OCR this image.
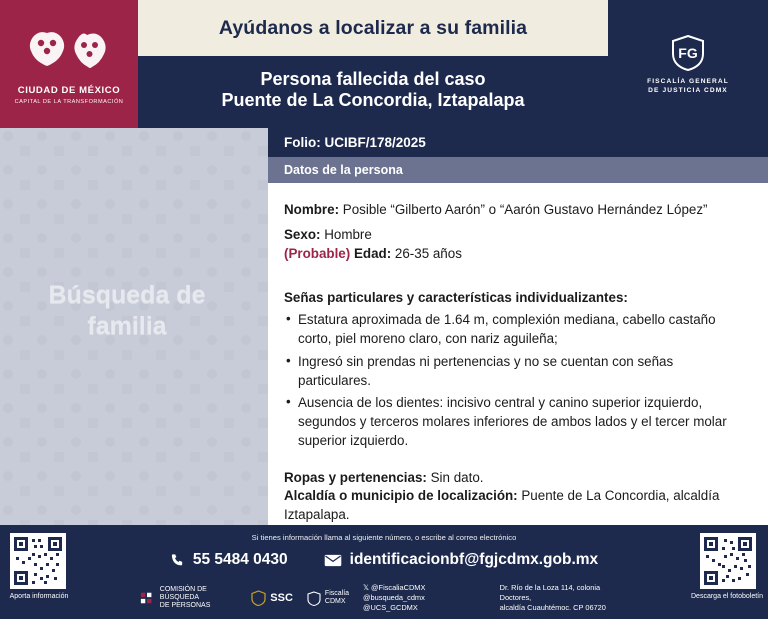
CIUDAD DE MÉXICO
CAPITAL DE LA TRANSFORMACIÓN
Ayúdanos a localizar a su familia
Persona fallecida del caso
Puente de La Concordia, Iztapalapa
FG
FISCALÍA GENERAL
DE JUSTICIA CDMX
Búsqueda de
familia
Folio:
UCIBF/178/2025
Datos de la persona
Nombre: Posible “Gilberto Aarón” o “Aarón Gustavo Hernández López”
Sexo: Hombre
(Probable) Edad: 26-35 años
Señas particulares y características individualizantes:
• Estatura aproximada de 1.64 m, complexión mediana, cabello castaño corto, piel moreno claro, con nariz aguileña;
• Ingresó sin prendas ni pertenencias y no se cuentan con señas particulares.
• Ausencia de los dientes: incisivo central y canino superior izquierdo, segundos y terceros molares inferiores de ambos lados y el tercer molar superior izquierdo.
Ropas y pertenencias: Sin dato.
Alcaldía o municipio de localización: Puente de La Concordia, alcaldía Iztapalapa.
Si tienes información llama al siguiente número, o escribe al correo electrónico
55 5484 0430	identificacionbf@fgjcdmx.gob.mx
Aporta información	Descarga el fotoboletín
COMISIÓN DE BÚSQUEDA
DE PERSONAS
SSC	Fiscalía
CDMX
𝕏 @FiscaliaCDMX
@busqueda_cdmx @UCS_GCDMX
Dr. Río de la Loza 114, colonia Doctores,
alcaldía Cuauhtémoc. CP 06720
